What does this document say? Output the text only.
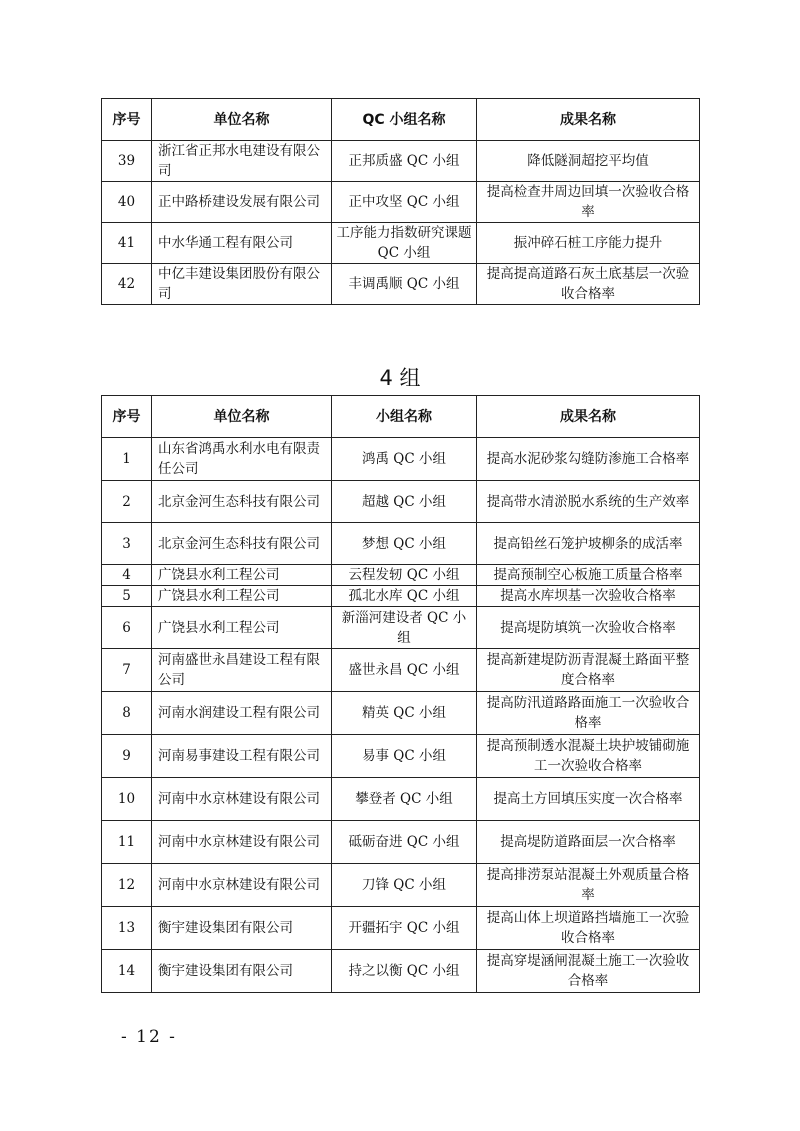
序号	单位名称	QC 小组名称	成果名称
39	浙江省正邦水电建设有限公司	正邦质盛 QC 小组	降低隧洞超挖平均值
40	正中路桥建设发展有限公司	正中攻坚 QC 小组	提高检查井周边回填一次验收合格率
41	中水华通工程有限公司	工序能力指数研究课题 QC 小组	振冲碎石桩工序能力提升
42	中亿丰建设集团股份有限公司	丰调禹顺 QC 小组	提高提高道路石灰土底基层一次验收合格率
4 组
序号	单位名称	小组名称	成果名称
1	山东省鸿禹水利水电有限责任公司	鸿禹 QC 小组	提高水泥砂浆勾缝防渗施工合格率
2	北京金河生态科技有限公司	超越 QC 小组	提高带水清淤脱水系统的生产效率
3	北京金河生态科技有限公司	梦想 QC 小组	提高铅丝石笼护坡柳条的成活率
4	广饶县水利工程公司	云程发轫 QC 小组	提高预制空心板施工质量合格率
5	广饶县水利工程公司	孤北水库 QC 小组	提高水库坝基一次验收合格率
6	广饶县水利工程公司	新淄河建设者 QC 小组	提高堤防填筑一次验收合格率
7	河南盛世永昌建设工程有限公司	盛世永昌 QC 小组	提高新建堤防沥青混凝土路面平整度合格率
8	河南水润建设工程有限公司	精英 QC 小组	提高防汛道路路面施工一次验收合格率
9	河南易事建设工程有限公司	易事 QC 小组	提高预制透水混凝土块护坡铺砌施工一次验收合格率
10	河南中水京林建设有限公司	攀登者 QC 小组	提高土方回填压实度一次合格率
11	河南中水京林建设有限公司	砥砺奋进 QC 小组	提高堤防道路面层一次合格率
12	河南中水京林建设有限公司	刀锋 QC 小组	提高排涝泵站混凝土外观质量合格率
13	衡宇建设集团有限公司	开疆拓宇 QC 小组	提高山体上坝道路挡墙施工一次验收合格率
14	衡宇建设集团有限公司	持之以衡 QC 小组	提高穿堤涵闸混凝土施工一次验收合格率
- 12 -
